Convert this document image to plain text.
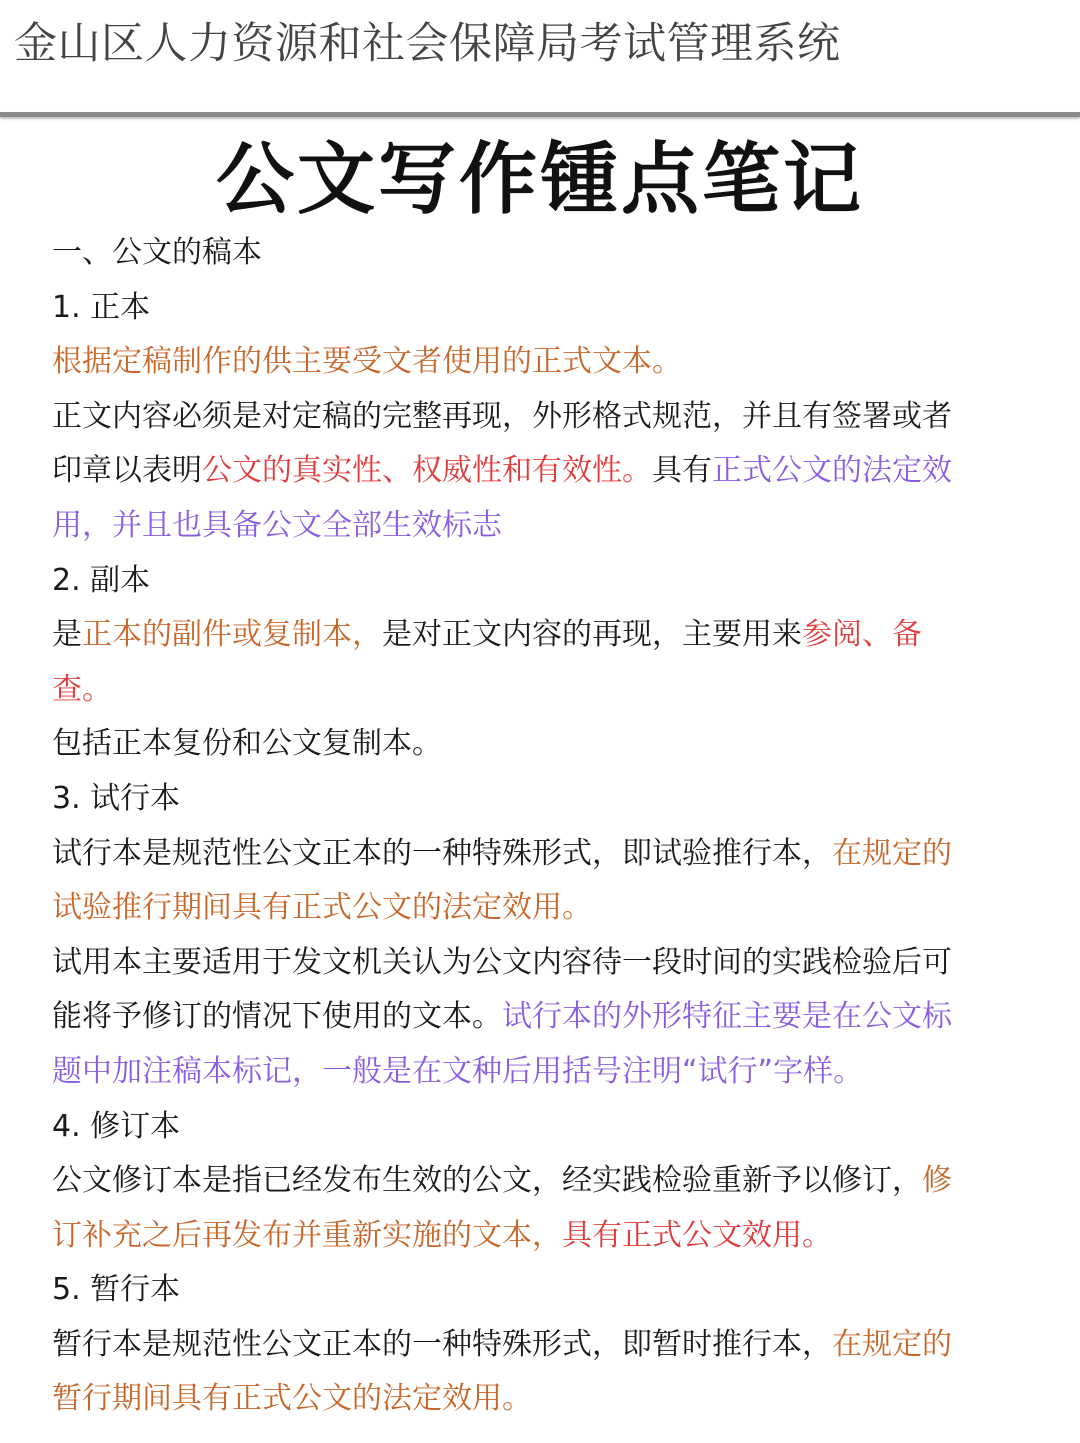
金山区人力资源和社会保障局考试管理系统
公文写作锺点笔记
一、公文的稿本
1. 正本
根据定稿制作的供主要受文者使用的正式文本。
正文内容必须是对定稿的完整再现，外形格式规范，并且有签署或者
印章以表明公文的真实性、权威性和有效性。具有正式公文的法定效
用，并且也具备公文全部生效标志
2. 副本
是正本的副件或复制本，是对正文内容的再现，主要用来参阅、备
查。
包括正本复份和公文复制本。
3. 试行本
试行本是规范性公文正本的一种特殊形式，即试验推行本，在规定的
试验推行期间具有正式公文的法定效用。
试用本主要适用于发文机关认为公文内容待一段时间的实践检验后可
能将予修订的情况下使用的文本。试行本的外形特征主要是在公文标
题中加注稿本标记，一般是在文种后用括号注明“试行”字样。
4. 修订本
公文修订本是指已经发布生效的公文，经实践检验重新予以修订，修
订补充之后再发布并重新实施的文本，具有正式公文效用。
5. 暂行本
暂行本是规范性公文正本的一种特殊形式，即暂时推行本，在规定的
暂行期间具有正式公文的法定效用。
